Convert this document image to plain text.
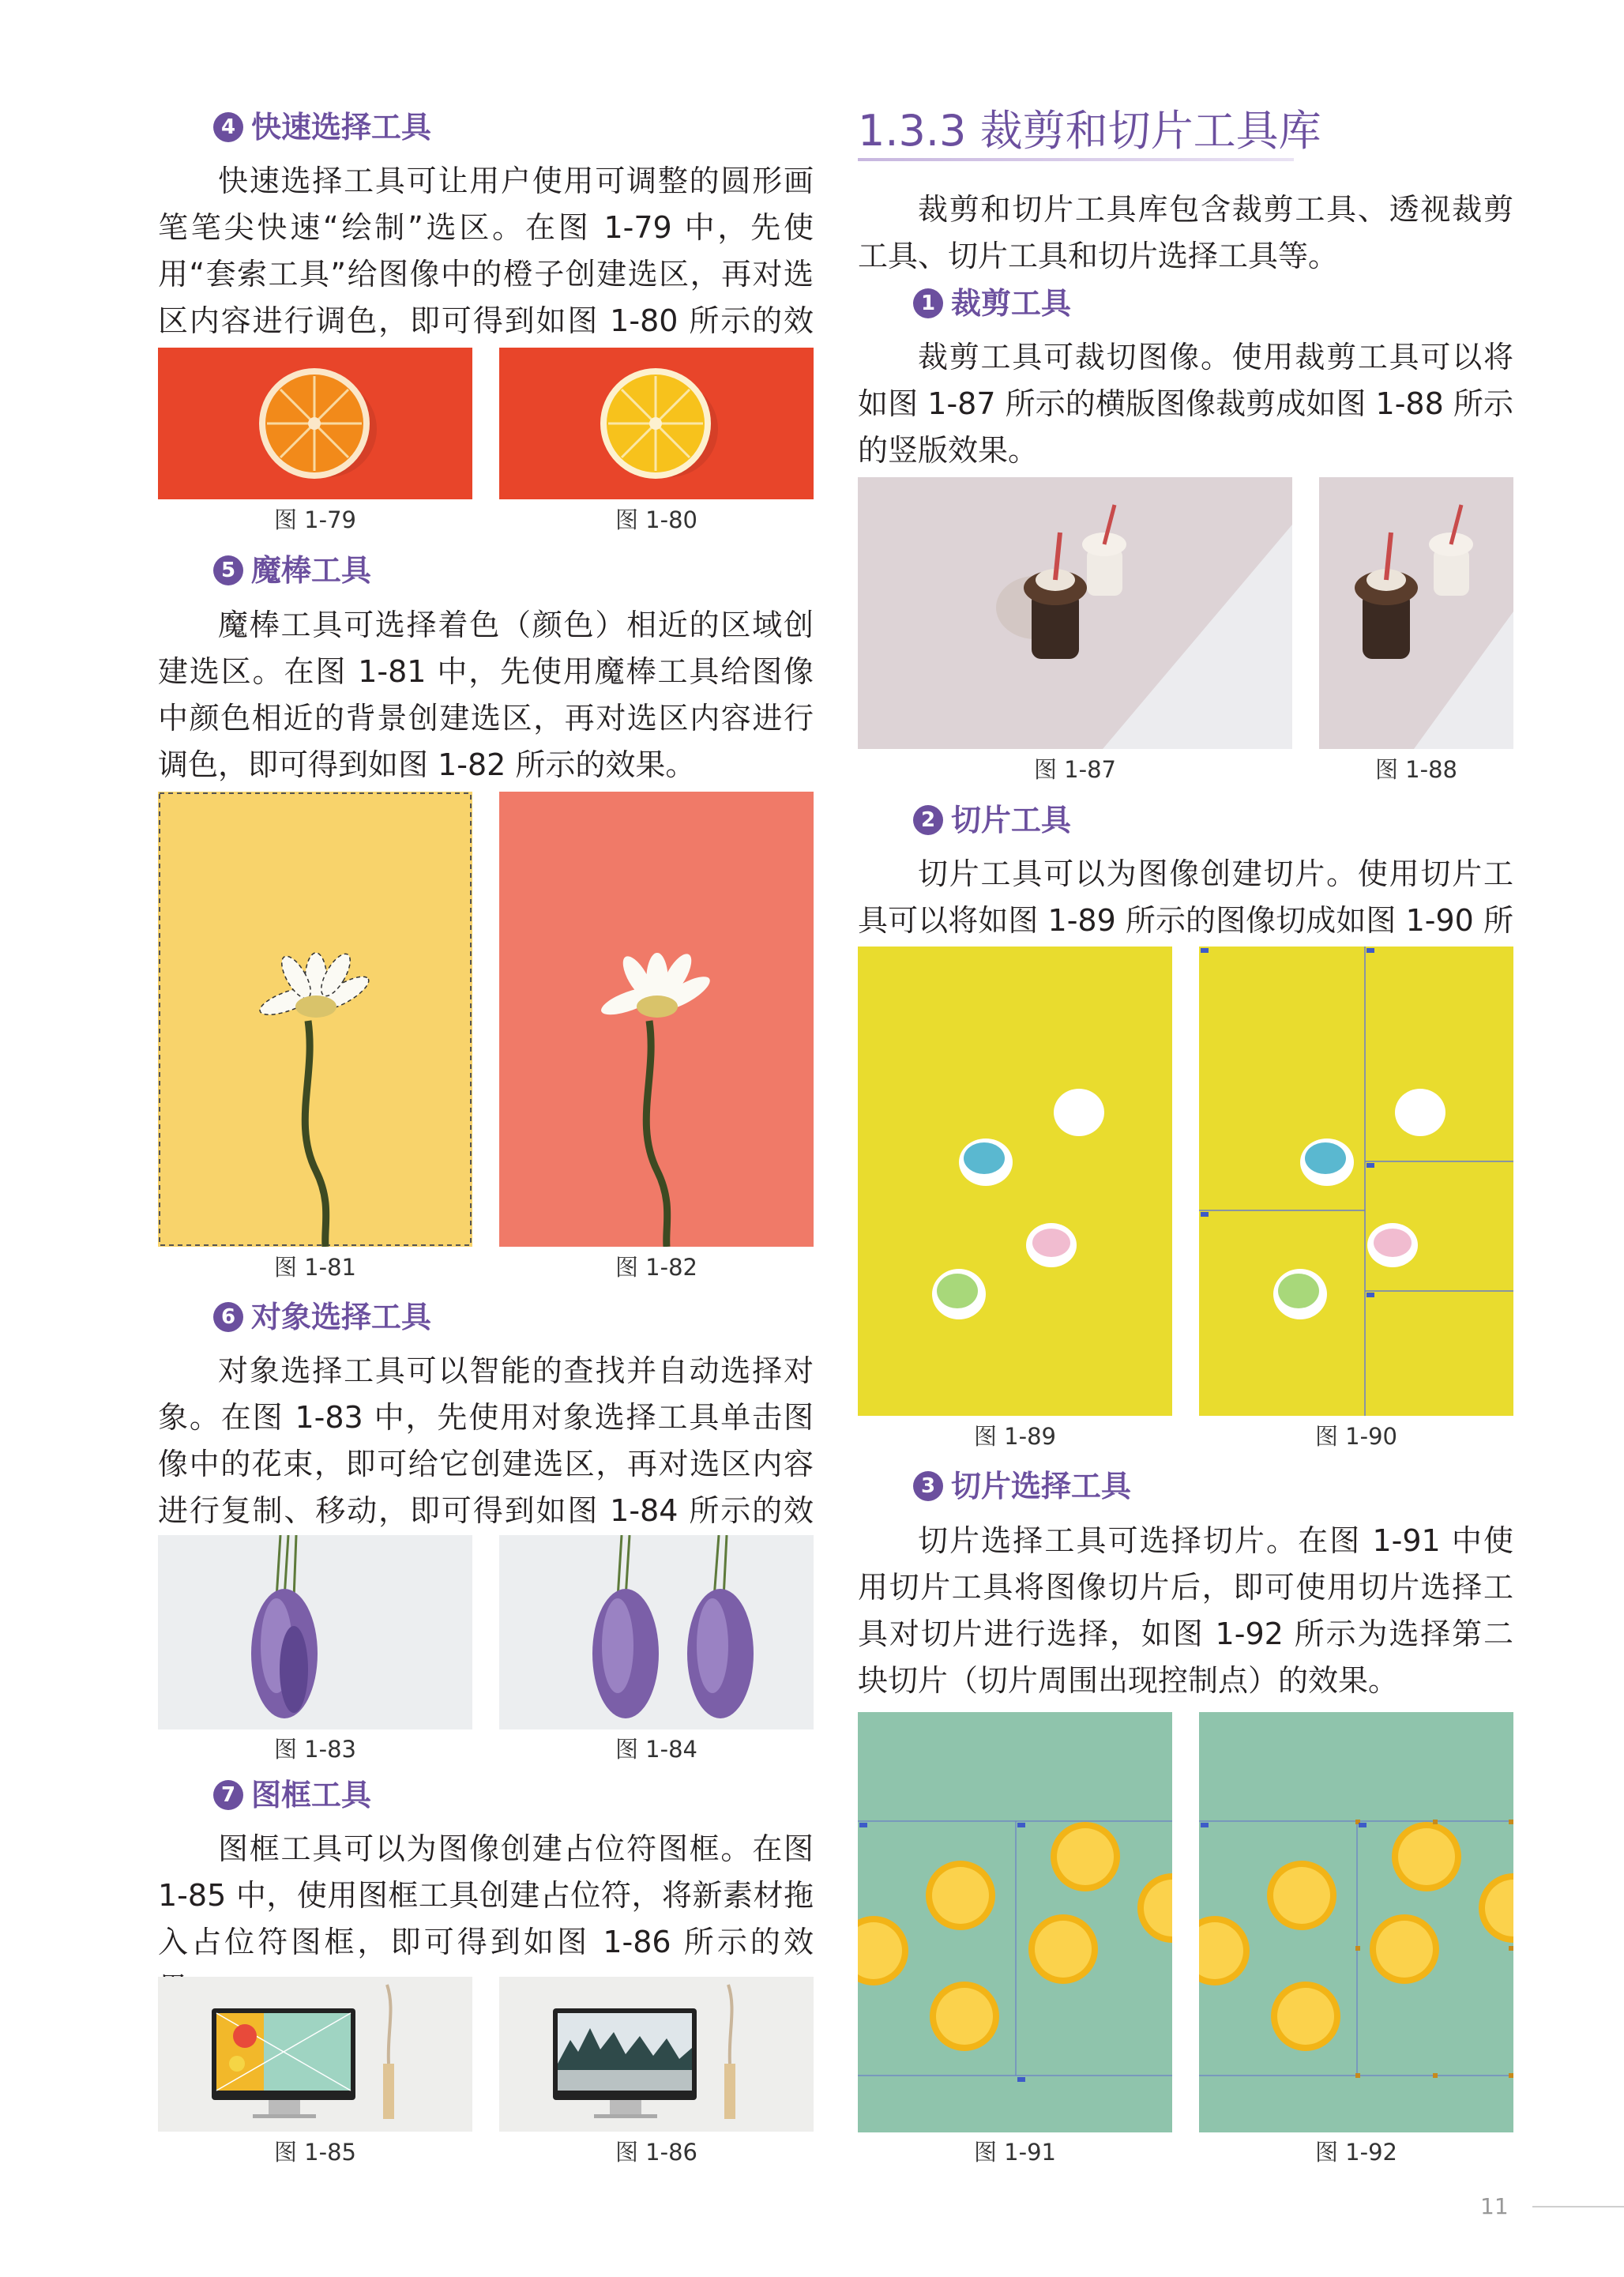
4 快速选择工具

快速选择工具可让用户使用可调整的圆形画笔笔尖快速“绘制”选区。在图 1-79 中，先使用“套索工具”给图像中的橙子创建选区，再对选区内容进行调色，即可得到如图 1-80 所示的效

图 1-79	图 1-80
5 魔棒工具

魔棒工具可选择着色（颜色）相近的区域创建选区。在图 1-81 中，先使用魔棒工具给图像中颜色相近的背景创建选区，再对选区内容进行调色，即可得到如图 1-82 所示的效果。

图 1-81	图 1-82
6 对象选择工具

对象选择工具可以智能的查找并自动选择对象。在图 1-83 中，先使用对象选择工具单击图像中的花束，即可给它创建选区，再对选区内容进行复制、移动，即可得到如图 1-84 所示的效

图 1-83	图 1-84
7 图框工具

图框工具可以为图像创建占位符图框。在图 1-85 中，使用图框工具创建占位符，将新素材拖入占位符图框，即可得到如图 1-86 所示的效

图 1-85	图 1-86
1.3.3 裁剪和切片工具库

裁剪和切片工具库包含裁剪工具、透视裁剪工具、切片工具和切片选择工具等。

1 裁剪工具

裁剪工具可裁切图像。使用裁剪工具可以将如图 1-87 所示的横版图像裁剪成如图 1-88 所示的竖版效果。

图 1-87	图 1-88
2 切片工具

切片工具可以为图像创建切片。使用切片工具可以将如图 1-89 所示的图像切成如图 1-90 所

图 1-89	图 1-90
3 切片选择工具

切片选择工具可选择切片。在图 1-91 中使用切片工具将图像切片后，即可使用切片选择工具对切片进行选择，如图 1-92 所示为选择第二块切片（切片周围出现控制点）的效果。

图 1-91	图 1-92
11
